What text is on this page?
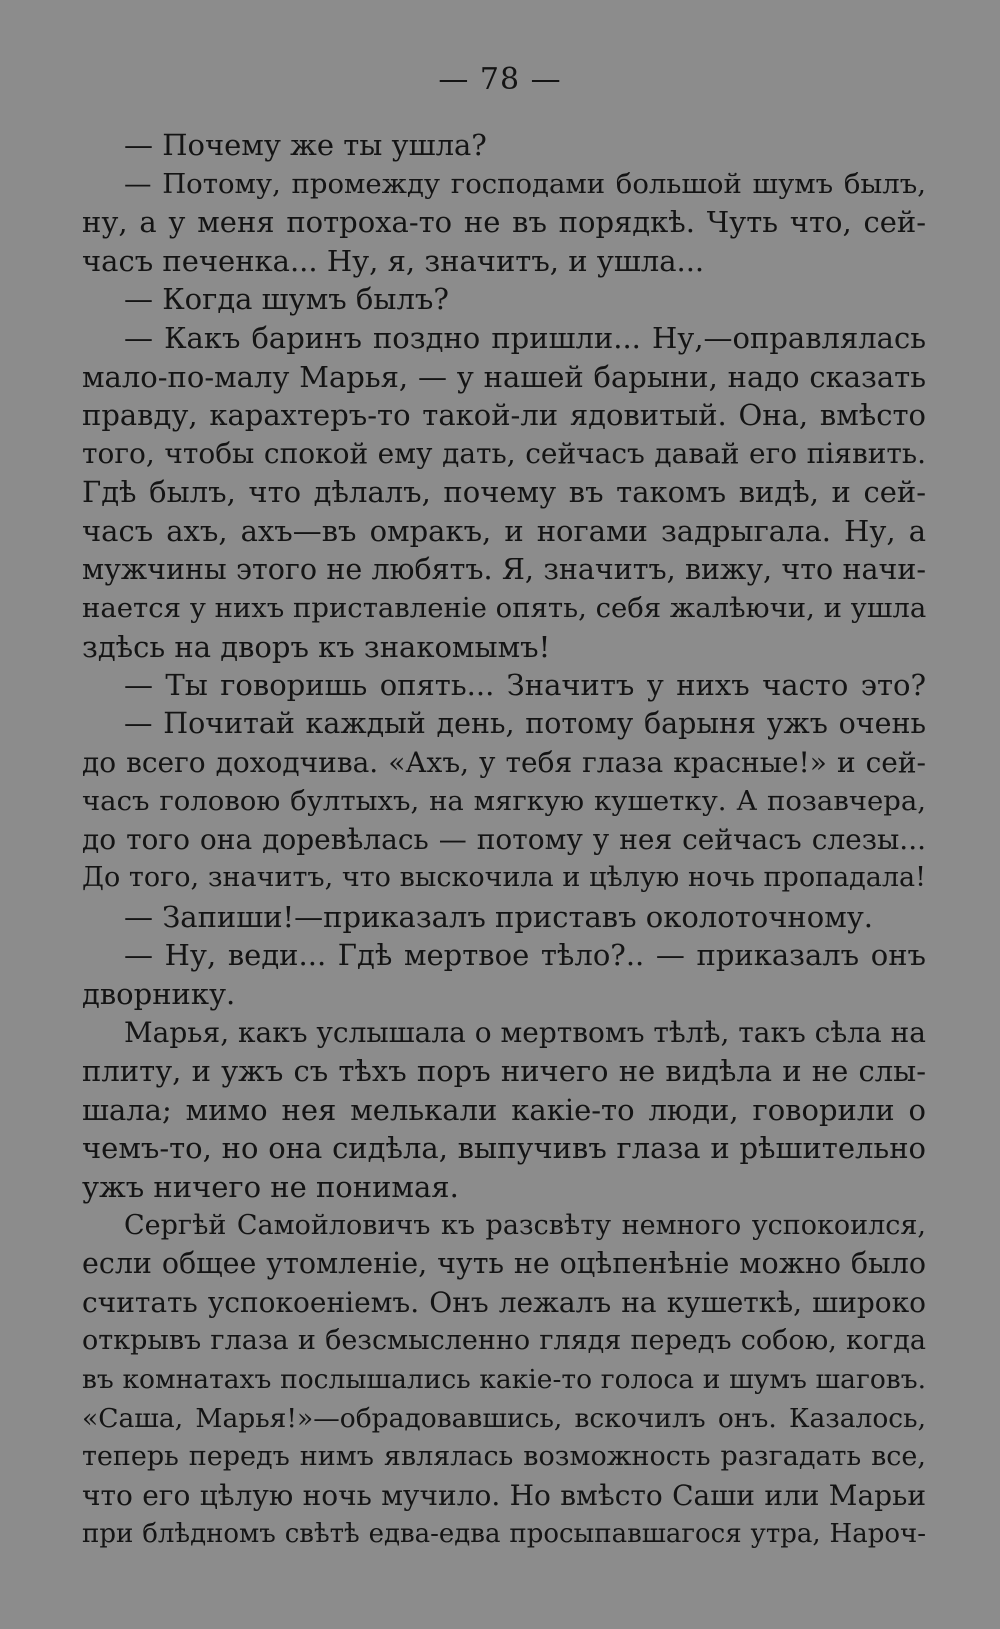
— 78 —
— Почему же ты ушла?
— Потому, промежду господами большой шумъ былъ,
ну, а у меня потроха-то не въ порядкѣ. Чуть что, сей-
часъ печенка... Ну, я, значитъ, и ушла...
— Когда шумъ былъ?
— Какъ баринъ поздно пришли... Ну,—оправлялась
мало-по-малу Марья, — у нашей барыни, надо сказать
правду, карахтеръ-то такой-ли ядовитый. Она, вмѣсто
того, чтобы спокой ему дать, сейчасъ давай его пiявить.
Гдѣ былъ, что дѣлалъ, почему въ такомъ видѣ, и сей-
часъ ахъ, ахъ—въ омракъ, и ногами задрыгала. Ну, а
мужчины этого не любятъ. Я, значитъ, вижу, что начи-
нается у нихъ приставленiе опять, себя жалѣючи, и ушла
здѣсь на дворъ къ знакомымъ!
— Ты говоришь опять... Значитъ у нихъ часто это?
— Почитай каждый день, потому барыня ужъ очень
до всего доходчива. «Ахъ, у тебя глаза красные!» и сей-
часъ головою бултыхъ, на мягкую кушетку. А позавчера,
до того она доревѣлась — потому у нея сейчасъ слезы...
До того, значитъ, что выскочила и цѣлую ночь пропадала!
— Запиши!—приказалъ приставъ околоточному.
— Ну, веди... Гдѣ мертвое тѣло?.. — приказалъ онъ
дворнику.
Марья, какъ услышала о мертвомъ тѣлѣ, такъ сѣла на
плиту, и ужъ съ тѣхъ поръ ничего не видѣла и не слы-
шала; мимо нея мелькали какiе-то люди, говорили о
чемъ-то, но она сидѣла, выпучивъ глаза и рѣшительно
ужъ ничего не понимая.
Сергѣй Самойловичъ къ разсвѣту немного успокоился,
если общее утомленiе, чуть не оцѣпенѣнiе можно было
считать успокоенiемъ. Онъ лежалъ на кушеткѣ, широко
открывъ глаза и безсмысленно глядя передъ собою, когда
въ комнатахъ послышались какiе-то голоса и шумъ шаговъ.
«Саша, Марья!»—обрадовавшись, вскочилъ онъ. Казалось,
теперь передъ нимъ являлась возможность разгадать все,
что его цѣлую ночь мучило. Но вмѣсто Саши или Марьи
при блѣдномъ свѣтѣ едва-едва просыпавшагося утра, Нароч-
